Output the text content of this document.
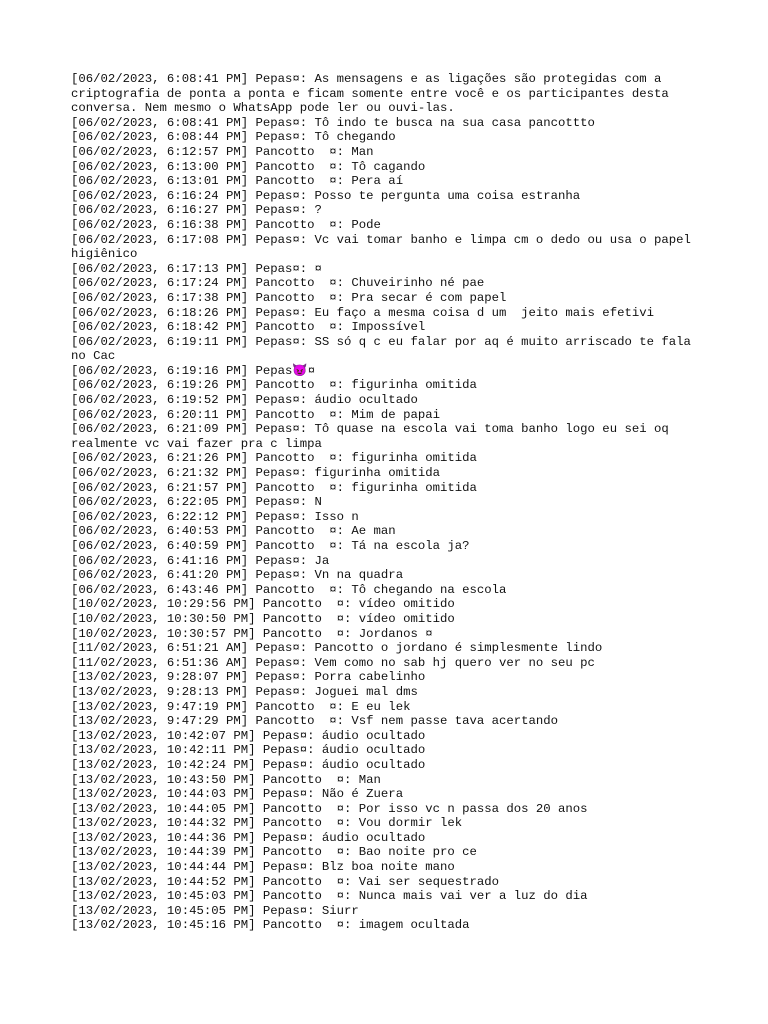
[06/02/2023, 6:08:41 PM] Pepas¤: As mensagens e as ligações são protegidas com a criptografia de ponta a ponta e ficam somente entre você e os participantes desta conversa. Nem mesmo o WhatsApp pode ler ou ouvi-las.
[06/02/2023, 6:08:41 PM] Pepas¤: Tô indo te busca na sua casa pancottto
[06/02/2023, 6:08:44 PM] Pepas¤: Tô chegando
[06/02/2023, 6:12:57 PM] Pancotto  ¤: Man
[06/02/2023, 6:13:00 PM] Pancotto  ¤: Tô cagando
[06/02/2023, 6:13:01 PM] Pancotto  ¤: Pera aí
[06/02/2023, 6:16:24 PM] Pepas¤: Posso te pergunta uma coisa estranha
[06/02/2023, 6:16:27 PM] Pepas¤: ?
[06/02/2023, 6:16:38 PM] Pancotto  ¤: Pode
[06/02/2023, 6:17:08 PM] Pepas¤: Vc vai tomar banho e limpa cm o dedo ou usa o papel higiênico
[06/02/2023, 6:17:13 PM] Pepas¤: ¤
[06/02/2023, 6:17:24 PM] Pancotto  ¤: Chuveirinho né pae
[06/02/2023, 6:17:38 PM] Pancotto  ¤: Pra secar é com papel
[06/02/2023, 6:18:26 PM] Pepas¤: Eu faço a mesma coisa d um  jeito mais efetivi
[06/02/2023, 6:18:42 PM] Pancotto  ¤: Impossível
[06/02/2023, 6:19:11 PM] Pepas¤: SS só q c eu falar por aq é muito arriscado te fala no Cac
[06/02/2023, 6:19:16 PM] Pepas😈¤
[06/02/2023, 6:19:26 PM] Pancotto  ¤: figurinha omitida
[06/02/2023, 6:19:52 PM] Pepas¤: áudio ocultado
[06/02/2023, 6:20:11 PM] Pancotto  ¤: Mim de papai
[06/02/2023, 6:21:09 PM] Pepas¤: Tô quase na escola vai toma banho logo eu sei oq realmente vc vai fazer pra c limpa
[06/02/2023, 6:21:26 PM] Pancotto  ¤: figurinha omitida
[06/02/2023, 6:21:32 PM] Pepas¤: figurinha omitida
[06/02/2023, 6:21:57 PM] Pancotto  ¤: figurinha omitida
[06/02/2023, 6:22:05 PM] Pepas¤: N
[06/02/2023, 6:22:12 PM] Pepas¤: Isso n
[06/02/2023, 6:40:53 PM] Pancotto  ¤: Ae man
[06/02/2023, 6:40:59 PM] Pancotto  ¤: Tá na escola ja?
[06/02/2023, 6:41:16 PM] Pepas¤: Ja
[06/02/2023, 6:41:20 PM] Pepas¤: Vn na quadra
[06/02/2023, 6:43:46 PM] Pancotto  ¤: Tô chegando na escola
[10/02/2023, 10:29:56 PM] Pancotto  ¤: vídeo omitido
[10/02/2023, 10:30:50 PM] Pancotto  ¤: vídeo omitido
[10/02/2023, 10:30:57 PM] Pancotto  ¤: Jordanos ¤
[11/02/2023, 6:51:21 AM] Pepas¤: Pancotto o jordano é simplesmente lindo
[11/02/2023, 6:51:36 AM] Pepas¤: Vem como no sab hj quero ver no seu pc
[13/02/2023, 9:28:07 PM] Pepas¤: Porra cabelinho
[13/02/2023, 9:28:13 PM] Pepas¤: Joguei mal dms
[13/02/2023, 9:47:19 PM] Pancotto  ¤: E eu lek
[13/02/2023, 9:47:29 PM] Pancotto  ¤: Vsf nem passe tava acertando
[13/02/2023, 10:42:07 PM] Pepas¤: áudio ocultado
[13/02/2023, 10:42:11 PM] Pepas¤: áudio ocultado
[13/02/2023, 10:42:24 PM] Pepas¤: áudio ocultado
[13/02/2023, 10:43:50 PM] Pancotto  ¤: Man
[13/02/2023, 10:44:03 PM] Pepas¤: Não é Zuera
[13/02/2023, 10:44:05 PM] Pancotto  ¤: Por isso vc n passa dos 20 anos
[13/02/2023, 10:44:32 PM] Pancotto  ¤: Vou dormir lek
[13/02/2023, 10:44:36 PM] Pepas¤: áudio ocultado
[13/02/2023, 10:44:39 PM] Pancotto  ¤: Bao noite pro ce
[13/02/2023, 10:44:44 PM] Pepas¤: Blz boa noite mano
[13/02/2023, 10:44:52 PM] Pancotto  ¤: Vai ser sequestrado
[13/02/2023, 10:45:03 PM] Pancotto  ¤: Nunca mais vai ver a luz do dia
[13/02/2023, 10:45:05 PM] Pepas¤: Siurr
[13/02/2023, 10:45:16 PM] Pancotto  ¤: imagem ocultada
